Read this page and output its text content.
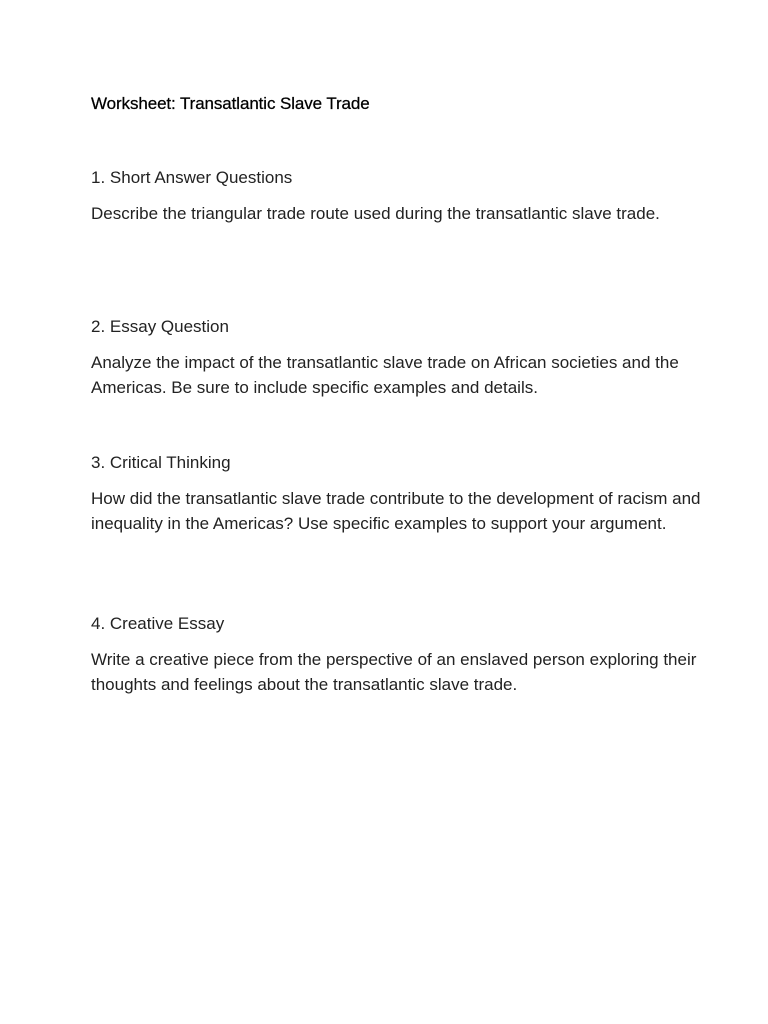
Worksheet: Transatlantic Slave Trade

1. Short Answer Questions

Describe the triangular trade route used during the transatlantic slave trade.

2. Essay Question

Analyze the impact of the transatlantic slave trade on African societies and the Americas. Be sure to include specific examples and details.

3. Critical Thinking

How did the transatlantic slave trade contribute to the development of racism and inequality in the Americas? Use specific examples to support your argument.

4. Creative Essay

Write a creative piece from the perspective of an enslaved person exploring their thoughts and feelings about the transatlantic slave trade.
